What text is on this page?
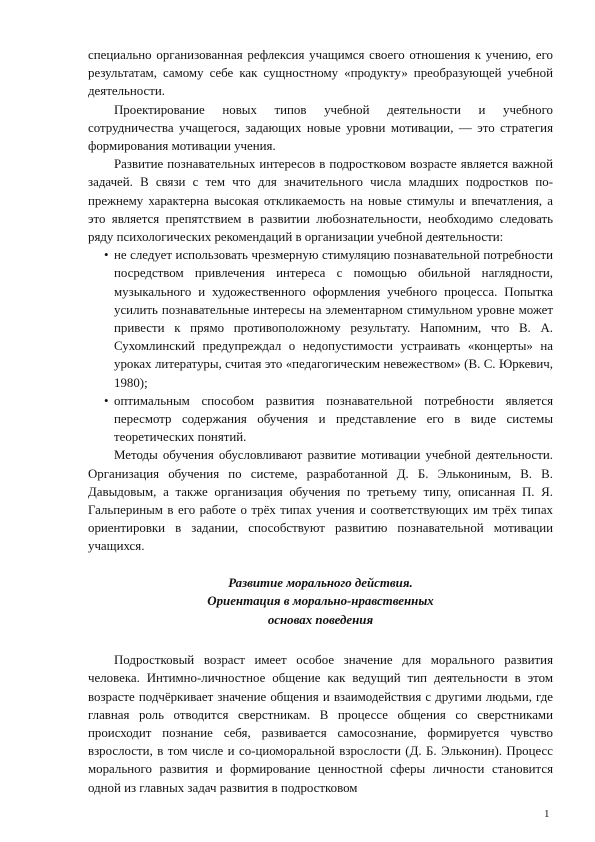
специально организованная рефлексия учащимся своего отношения к учению, его результатам, самому себе как сущностному «продукту» преобразующей учебной деятельности.

Проектирование новых типов учебной деятельности и учебного сотрудничества учащегося, задающих новые уровни мотивации, — это стратегия формирования мотивации учения.

Развитие познавательных интересов в подростковом возрасте является важной задачей. В связи с тем что для значительного числа младших подростков по-прежнему характерна высокая откликаемость на новые стимулы и впечатления, а это является препятствием в развитии любознательности, необходимо следовать ряду психологических рекомендаций в организации учебной деятельности:

• не следует использовать чрезмерную стимуляцию познавательной потребности посредством привлечения интереса с помощью обильной наглядности, музыкального и художественного оформления учебного процесса. Попытка усилить познавательные интересы на элементарном стимульном уровне может привести к прямо противоположному результату. Напомним, что В. А. Сухомлинский предупреждал о недопустимости устраивать «концерты» на уроках литературы, считая это «педагогическим невежеством» (В. С. Юркевич, 1980);
• оптимальным способом развития познавательной потребности является пересмотр содержания обучения и представление его в виде системы теоретических понятий.

Методы обучения обусловливают развитие мотивации учебной деятельности. Организация обучения по системе, разработанной Д. Б. Элькониным, В. В. Давыдовым, а также организация обучения по третьему типу, описанная П. Я. Гальпериным в его работе о трёх типах учения и соответствующих им трёх типах ориентировки в задании, способствуют развитию познавательной мотивации учащихся.

Развитие морального действия.
Ориентация в морально-нравственных
основах поведения

Подростковый возраст имеет особое значение для морального развития человека. Интимно-личностное общение как ведущий тип деятельности в этом возрасте подчёркивает значение общения и взаимодействия с другими людьми, где главная роль отводится сверстникам. В процессе общения со сверстниками происходит познание себя, развивается самосознание, формируется чувство взрослости, в том числе и со-циоморальной взрослости (Д. Б. Эльконин). Процесс морального развития и формирование ценностной сферы личности становится одной из главных задач развития в подростковом

1
